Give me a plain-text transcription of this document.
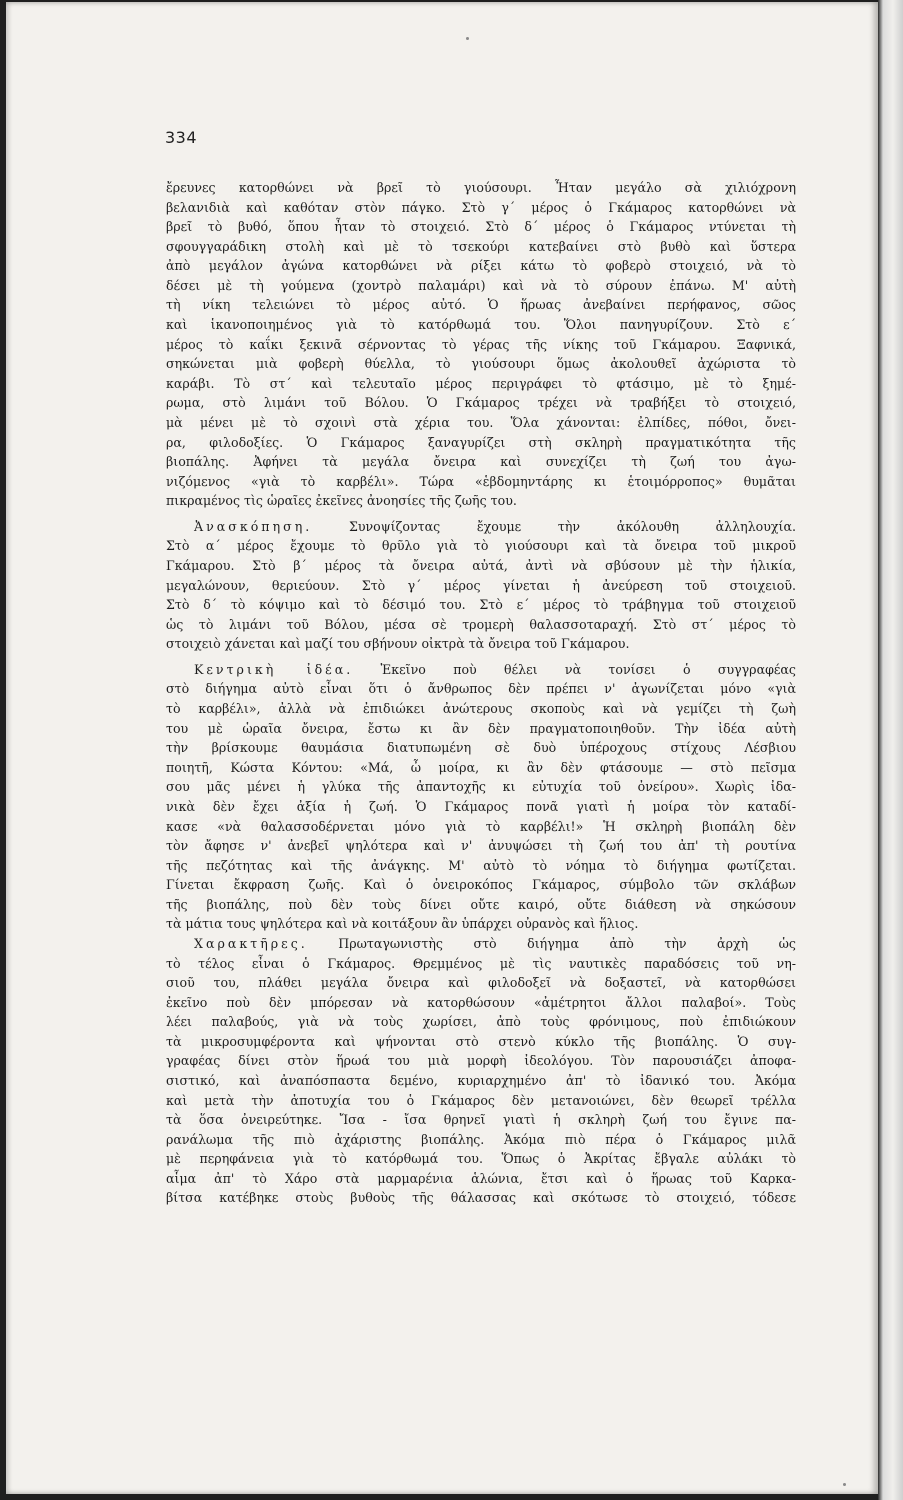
334
ἔρευνες κατορθώνει νὰ βρεῖ τὸ γιούσουρι. Ἦταν μεγάλο σὰ χιλιόχρονη
βελανιδιὰ καὶ καθόταν στὸν πάγκο. Στὸ γ΄ μέρος ὁ Γκάμαρος κατορθώνει νὰ
βρεῖ τὸ βυθό, ὅπου ἦταν τὸ στοιχειό. Στὸ δ΄ μέρος ὁ Γκάμαρος ντύνεται τὴ
σφουγγαράδικη στολὴ καὶ μὲ τὸ τσεκούρι κατεβαίνει στὸ βυθὸ καὶ ὕστερα
ἀπὸ μεγάλον ἀγώνα κατορθώνει νὰ ρίξει κάτω τὸ φοβερὸ στοιχειό, νὰ τὸ
δέσει μὲ τὴ γούμενα (χοντρὸ παλαμάρι) καὶ νὰ τὸ σύρουν ἐπάνω. Μ' αὐτὴ
τὴ νίκη τελειώνει τὸ μέρος αὐτό. Ὁ ἥρωας ἀνεβαίνει περήφανος, σῶος
καὶ ἱκανοποιημένος γιὰ τὸ κατόρθωμά του. Ὅλοι πανηγυρίζουν. Στὸ ε΄
μέρος τὸ καΐκι ξεκινᾶ σέρνοντας τὸ γέρας τῆς νίκης τοῦ Γκάμαρου. Ξαφνικά,
σηκώνεται μιὰ φοβερὴ θύελλα, τὸ γιούσουρι ὅμως ἀκολουθεῖ ἀχώριστα τὸ
καράβι. Τὸ στ΄ καὶ τελευταῖο μέρος περιγράφει τὸ φτάσιμο, μὲ τὸ ξημέ-
ρωμα, στὸ λιμάνι τοῦ Βόλου. Ὁ Γκάμαρος τρέχει νὰ τραβήξει τὸ στοιχειό,
μὰ μένει μὲ τὸ σχοινὶ στὰ χέρια του. Ὅλα χάνονται: ἐλπίδες, πόθοι, ὄνει-
ρα, φιλοδοξίες. Ὁ Γκάμαρος ξαναγυρίζει στὴ σκληρὴ πραγματικότητα τῆς
βιοπάλης. Ἀφήνει τὰ μεγάλα ὄνειρα καὶ συνεχίζει τὴ ζωή του ἀγω-
νιζόμενος «γιὰ τὸ καρβέλι». Τώρα «ἑβδομηντάρης κι ἑτοιμόρροπος» θυμᾶται
πικραμένος τὶς ὡραῖες ἐκεῖνες ἀνοησίες τῆς ζωῆς του.
Ἀνασκόπηση.	Συνοψίζοντας ἔχουμε τὴν ἀκόλουθη ἀλληλουχία.
Στὸ α΄ μέρος ἔχουμε τὸ θρῦλο γιὰ τὸ γιούσουρι καὶ τὰ ὄνειρα τοῦ μικροῦ
Γκάμαρου. Στὸ β΄ μέρος τὰ ὄνειρα αὐτά, ἀντὶ νὰ σβύσουν μὲ τὴν ἡλικία,
μεγαλώνουν, θεριεύουν. Στὸ γ΄ μέρος γίνεται ἡ ἀνεύρεση τοῦ στοιχειοῦ.
Στὸ δ΄ τὸ κόψιμο καὶ τὸ δέσιμό του. Στὸ ε΄ μέρος τὸ τράβηγμα τοῦ στοιχειοῦ
ὡς τὸ λιμάνι τοῦ Βόλου, μέσα σὲ τρομερὴ θαλασσοταραχή. Στὸ στ΄ μέρος τὸ
στοιχειὸ χάνεται καὶ μαζί του σβήνουν οἰκτρὰ τὰ ὄνειρα τοῦ Γκάμαρου.
Κεντρικὴ ἰδέα. Ἐκεῖνο ποὺ θέλει νὰ τονίσει ὁ συγγραφέας
στὸ διήγημα αὐτὸ εἶναι ὅτι ὁ ἄνθρωπος δὲν πρέπει ν' ἀγωνίζεται μόνο «γιὰ
τὸ καρβέλι», ἀλλὰ νὰ ἐπιδιώκει ἀνώτερους σκοποὺς καὶ νὰ γεμίζει τὴ ζωὴ
του μὲ ὡραῖα ὄνειρα, ἔστω κι ἂν δὲν πραγματοποιηθοῦν. Τὴν ἰδέα αὐτὴ
τὴν βρίσκουμε θαυμάσια διατυπωμένη σὲ δυὸ ὑπέροχους στίχους Λέσβιου
ποιητῆ, Κώστα Κόντου: «Μά, ὦ μοίρα, κι ἂν δὲν φτάσουμε — στὸ πεῖσμα
σου μᾶς μένει ἡ γλύκα τῆς ἀπαντοχῆς κι εὐτυχία τοῦ ὀνείρου». Χωρὶς ἰδα-
νικὰ δὲν ἔχει ἀξία ἡ ζωή. Ὁ Γκάμαρος πονᾶ γιατὶ ἡ μοίρα τὸν καταδί-
κασε «νὰ θαλασσοδέρνεται μόνο γιὰ τὸ καρβέλι!» Ἡ σκληρὴ βιοπάλη δὲν
τὸν ἄφησε ν' ἀνεβεῖ ψηλότερα καὶ ν' ἀνυψώσει τὴ ζωή του ἀπ' τὴ ρουτίνα
τῆς πεζότητας καὶ τῆς ἀνάγκης. Μ' αὐτὸ τὸ νόημα τὸ διήγημα φωτίζεται.
Γίνεται ἔκφραση ζωῆς. Καὶ ὁ ὀνειροκόπος Γκάμαρος, σύμβολο τῶν σκλάβων
τῆς βιοπάλης, ποὺ δὲν τοὺς δίνει οὔτε καιρό, οὔτε διάθεση νὰ σηκώσουν
τὰ μάτια τους ψηλότερα καὶ νὰ κοιτάξουν ἂν ὑπάρχει οὐρανὸς καὶ ἥλιος.
Χαρακτῆρες. Πρωταγωνιστὴς στὸ διήγημα ἀπὸ τὴν ἀρχὴ ὡς
τὸ τέλος εἶναι ὁ Γκάμαρος. Θρεμμένος μὲ τὶς ναυτικὲς παραδόσεις τοῦ νη-
σιοῦ του, πλάθει μεγάλα ὄνειρα καὶ φιλοδοξεῖ νὰ δοξαστεῖ, νὰ κατορθώσει
ἐκεῖνο ποὺ δὲν μπόρεσαν νὰ κατορθώσουν «ἀμέτρητοι ἄλλοι παλαβοί». Τοὺς
λέει παλαβούς, γιὰ νὰ τοὺς χωρίσει, ἀπὸ τοὺς φρόνιμους, ποὺ ἐπιδιώκουν
τὰ μικροσυμφέροντα καὶ ψήνονται στὸ στενὸ κύκλο τῆς βιοπάλης. Ὁ συγ-
γραφέας δίνει στὸν ἥρωά του μιὰ μορφὴ ἰδεολόγου. Τὸν παρουσιάζει ἀποφα-
σιστικό, καὶ ἀναπόσπαστα δεμένο, κυριαρχημένο ἀπ' τὸ ἰδανικό του. Ἀκόμα
καὶ μετὰ τὴν ἀποτυχία του ὁ Γκάμαρος δὲν μετανοιώνει, δὲν θεωρεῖ τρέλλα
τὰ ὅσα ὀνειρεύτηκε. Ἴσα - ἴσα θρηνεῖ γιατὶ ἡ σκληρὴ ζωή του ἔγινε πα-
ρανάλωμα τῆς πιὸ ἀχάριστης βιοπάλης. Ἀκόμα πιὸ πέρα ὁ Γκάμαρος μιλᾶ
μὲ περηφάνεια γιὰ τὸ κατόρθωμά του. Ὅπως ὁ Ἀκρίτας ἔβγαλε αὐλάκι τὸ
αἷμα ἀπ' τὸ Χάρο στὰ μαρμαρένια ἁλώνια, ἔτσι καὶ ὁ ἥρωας τοῦ Καρκα-
βίτσα κατέβηκε στοὺς βυθοὺς τῆς θάλασσας καὶ σκότωσε τὸ στοιχειό, τόδεσε
